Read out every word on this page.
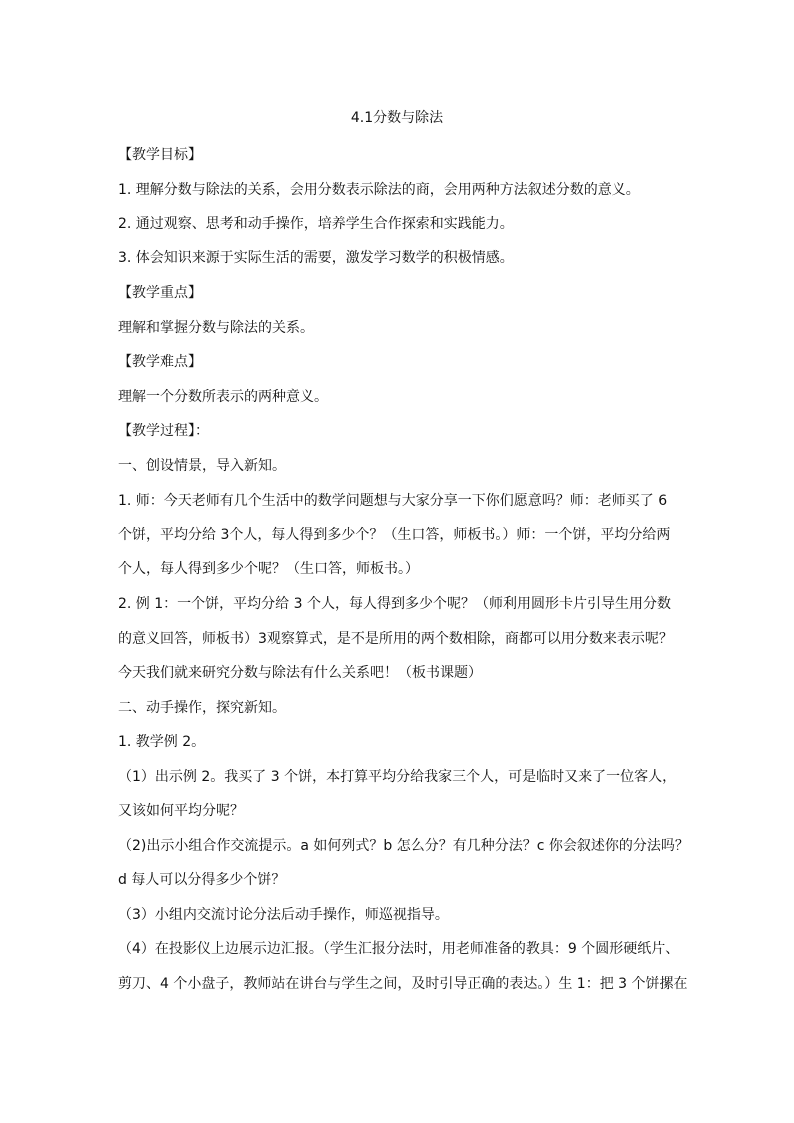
4.1分数与除法
【教学目标】
1. 理解分数与除法的关系，会用分数表示除法的商，会用两种方法叙述分数的意义。
2. 通过观察、思考和动手操作，培养学生合作探索和实践能力。
3. 体会知识来源于实际生活的需要，激发学习数学的积极情感。
【教学重点】
理解和掌握分数与除法的关系。
【教学难点】
理解一个分数所表示的两种意义。
【教学过程】：
一、创设情景，导入新知。
1. 师：今天老师有几个生活中的数学问题想与大家分享一下你们愿意吗？师：老师买了 6
个饼，平均分给 3个人，每人得到多少个？（生口答，师板书。）师：一个饼，平均分给两
个人，每人得到多少个呢？（生口答，师板书。）
2. 例 1：一个饼，平均分给 3 个人，每人得到多少个呢？（师利用圆形卡片引导生用分数
的意义回答，师板书）3观察算式，是不是所用的两个数相除，商都可以用分数来表示呢？
今天我们就来研究分数与除法有什么关系吧！（板书课题）
二、动手操作，探究新知。
1. 教学例 2。
（1）出示例 2。我买了 3 个饼，本打算平均分给我家三个人，可是临时又来了一位客人，
又该如何平均分呢？
（2)出示小组合作交流提示。a 如何列式？b 怎么分？有几种分法？c 你会叙述你的分法吗？
d 每人可以分得多少个饼？
（3）小组内交流讨论分法后动手操作，师巡视指导。
（4）在投影仪上边展示边汇报。（学生汇报分法时，用老师准备的教具：9 个圆形硬纸片、
剪刀、4 个小盘子，教师站在讲台与学生之间，及时引导正确的表达。）生 1：把 3 个饼摞在
